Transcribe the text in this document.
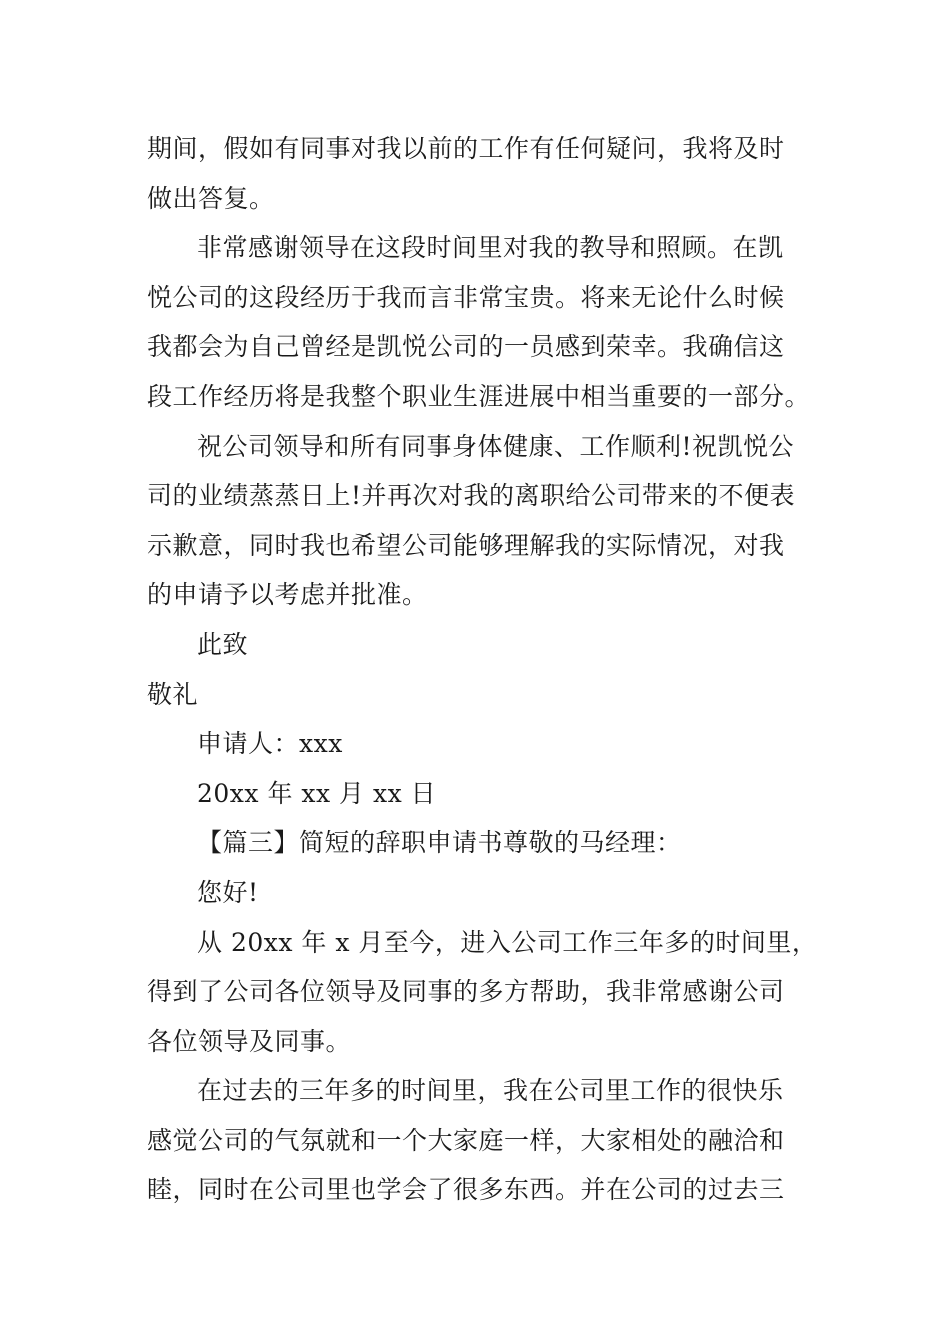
期间，假如有同事对我以前的工作有任何疑问，我将及时
做出答复。

非常感谢领导在这段时间里对我的教导和照顾。在凯
悦公司的这段经历于我而言非常宝贵。将来无论什么时候
我都会为自己曾经是凯悦公司的一员感到荣幸。我确信这
段工作经历将是我整个职业生涯进展中相当重要的一部分。

祝公司领导和所有同事身体健康、工作顺利!祝凯悦公
司的业绩蒸蒸日上!并再次对我的离职给公司带来的不便表
示歉意，同时我也希望公司能够理解我的实际情况，对我
的申请予以考虑并批准。

此致

敬礼

申请人：xxx

20xx 年 xx 月 xx 日

【篇三】简短的辞职申请书尊敬的马经理：

您好!

从 20xx 年 x 月至今，进入公司工作三年多的时间里，
得到了公司各位领导及同事的多方帮助，我非常感谢公司
各位领导及同事。

在过去的三年多的时间里，我在公司里工作的很快乐
感觉公司的气氛就和一个大家庭一样，大家相处的融洽和
睦，同时在公司里也学会了很多东西。并在公司的过去三
